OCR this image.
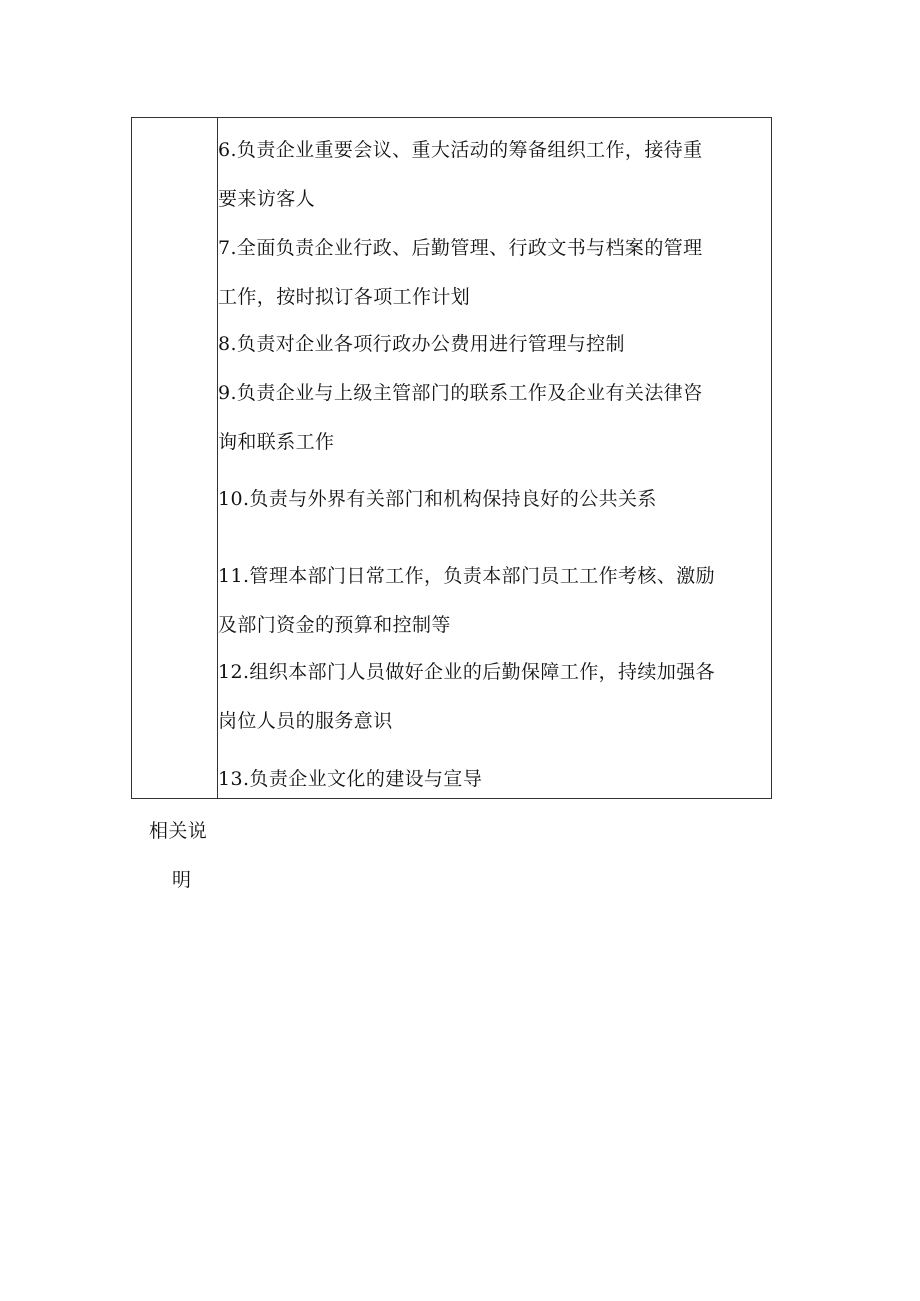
6.负责企业重要会议、重大活动的筹备组织工作，接待重
要来访客人
7.全面负责企业行政、后勤管理、行政文书与档案的管理
工作，按时拟订各项工作计划
8.负责对企业各项行政办公费用进行管理与控制
9.负责企业与上级主管部门的联系工作及企业有关法律咨
询和联系工作
10.负责与外界有关部门和机构保持良好的公共关系
11.管理本部门日常工作，负责本部门员工工作考核、激励
及部门资金的预算和控制等
12.组织本部门人员做好企业的后勤保障工作，持续加强各
岗位人员的服务意识
13.负责企业文化的建设与宣导
相关说
明
